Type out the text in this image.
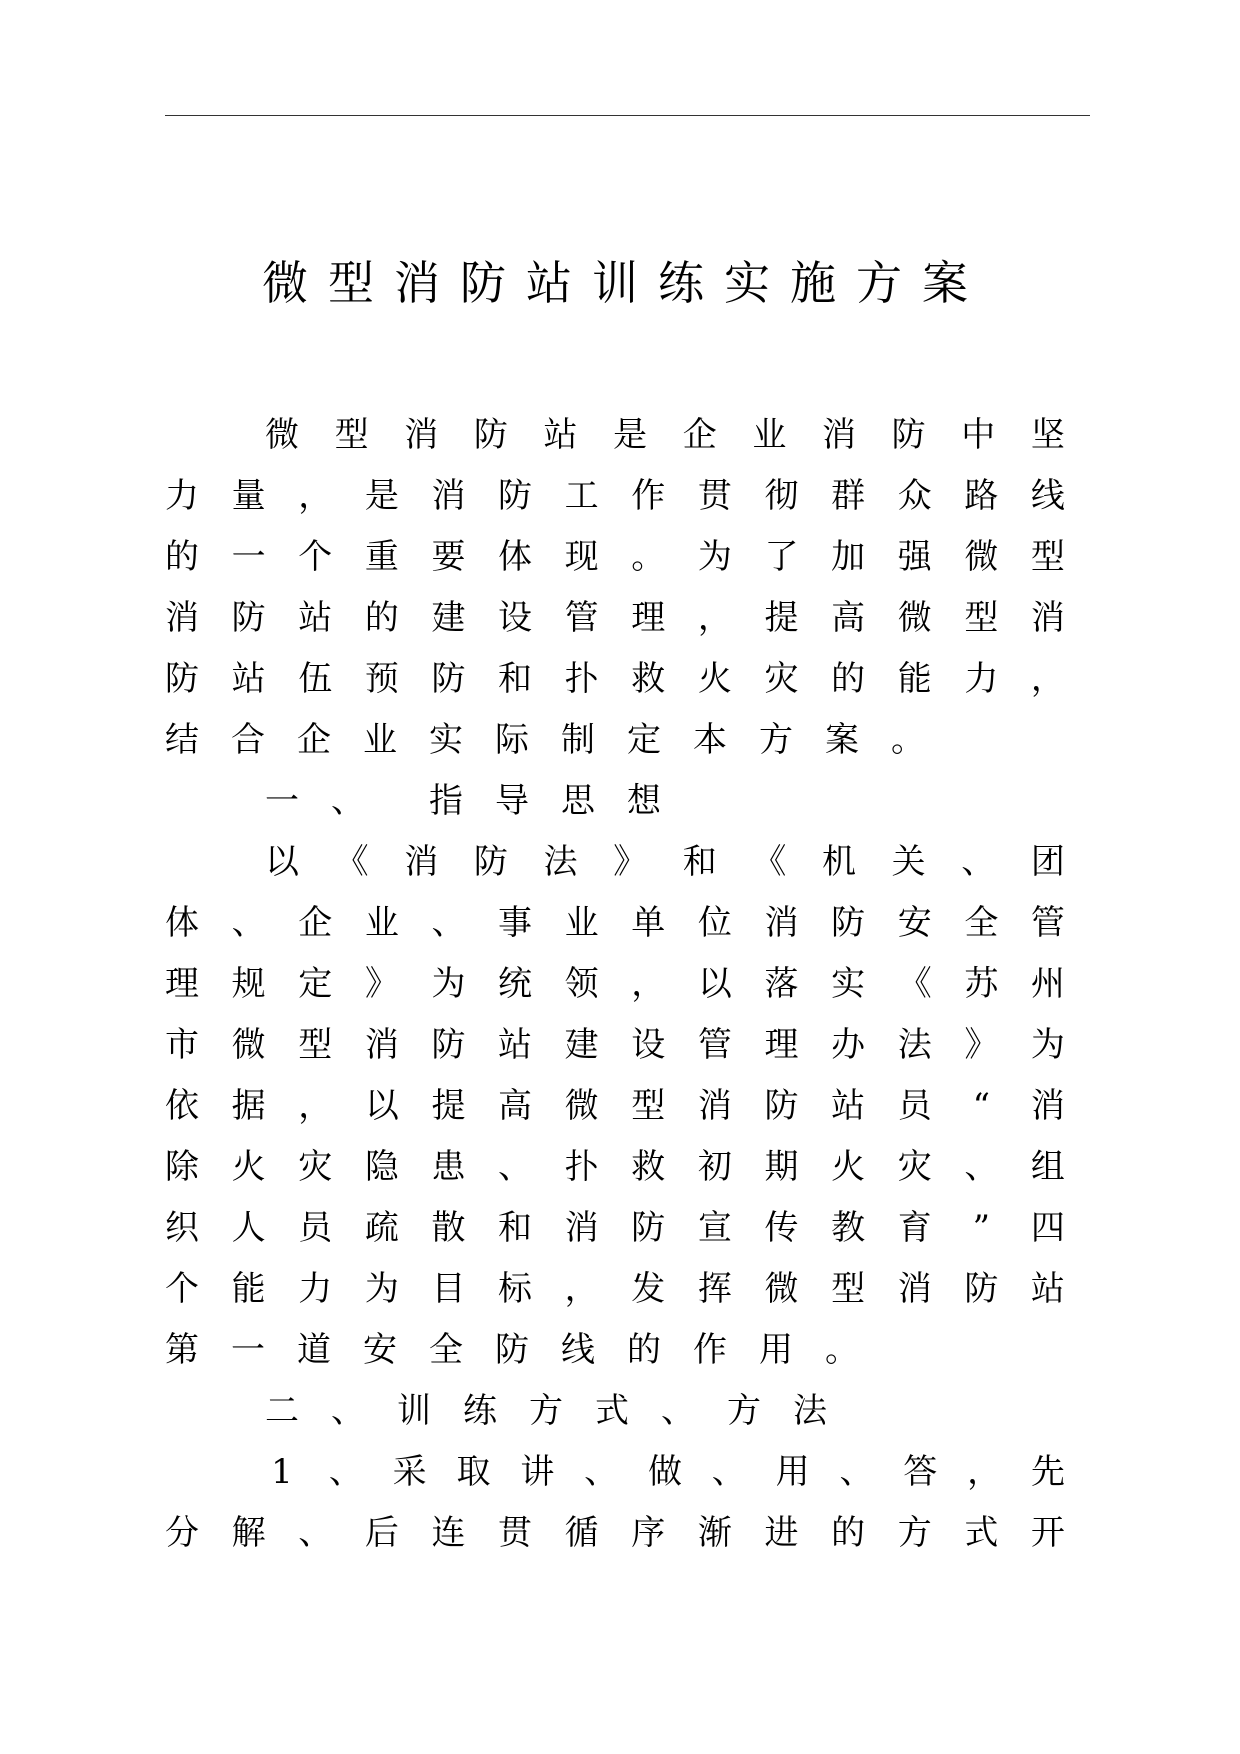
微型消防站训练实施方案
微 型 消 防 站 是 企 业 消 防 中 坚
力 量 ， 是 消 防 工 作 贯 彻 群 众 路 线
的 一 个 重 要 体 现 。 为 了 加 强 微 型
消 防 站 的 建 设 管 理 ， 提 高 微 型 消
防 站 伍 预 防 和 扑 救 火 灾 的 能 力 ，
结 合 企 业 实 际 制 定 本 方 案 。
一 、 指 导 思 想
以 《 消 防 法 》 和 《 机 关 、 团
体 、 企 业 、 事 业 单 位 消 防 安 全 管
理 规 定 》 为 统 领 ， 以 落 实 《 苏 州
市 微 型 消 防 站 建 设 管 理 办 法 》 为
依 据 ， 以 提 高 微 型 消 防 站 员 “ 消
除 火 灾 隐 患 、 扑 救 初 期 火 灾 、 组
织 人 员 疏 散 和 消 防 宣 传 教 育 ” 四
个 能 力 为 目 标 ， 发 挥 微 型 消 防 站
第 一 道 安 全 防 线 的 作 用 。
二 、 训 练 方 式 、 方 法
1 、 采 取 讲 、 做 、 用 、 答 ， 先
分 解 、 后 连 贯 循 序 渐 进 的 方 式 开
